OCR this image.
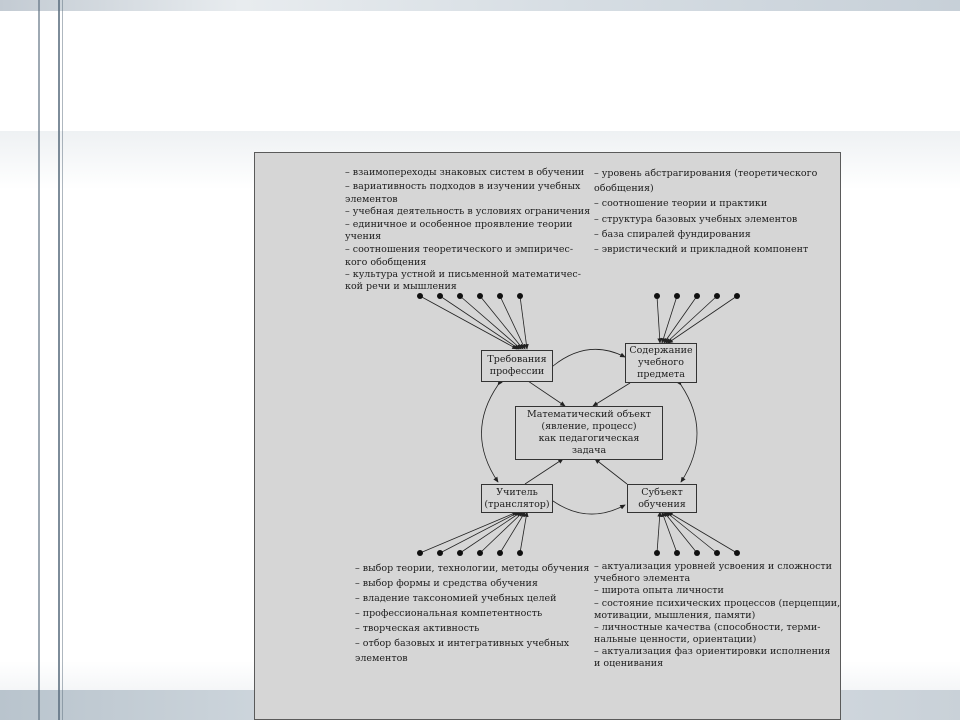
– взаимопереходы знаковых систем в обучении
– вариативность подходов в изучении учебных
элементов
– учебная деятельность в условиях ограничения
– единичное и особенное проявление теории
учения
– соотношения теоретического и эмпиричес-
кого обобщения
– культура устной и письменной математичес-
кой речи и мышления
– уровень абстрагирования (теоретического
обобщения)
– соотношение теории и практики
– структура базовых учебных элементов
– база спиралей фундирования
– эвристический и прикладной компонент
– выбор теории, технологии, методы обучения
– выбор формы и средства обучения
– владение таксономией учебных целей
– профессиональная компетентность
– творческая активность
– отбор базовых и интегративных учебных
элементов
– актуализация уровней усвоения и сложности
учебного элемента
– широта опыта личности
– состояние психических процессов (перцепции,
мотивации, мышления, памяти)
– личностные качества (способности, терми-
нальные ценности, ориентации)
– актуализация фаз ориентировки исполнения
и оценивания
Требования
профессии
Содержание
учебного
предмета
Математический объект
(явление, процесс)
как педагогическая
задача
Учитель
(транслятор)
Субъект
обучения
